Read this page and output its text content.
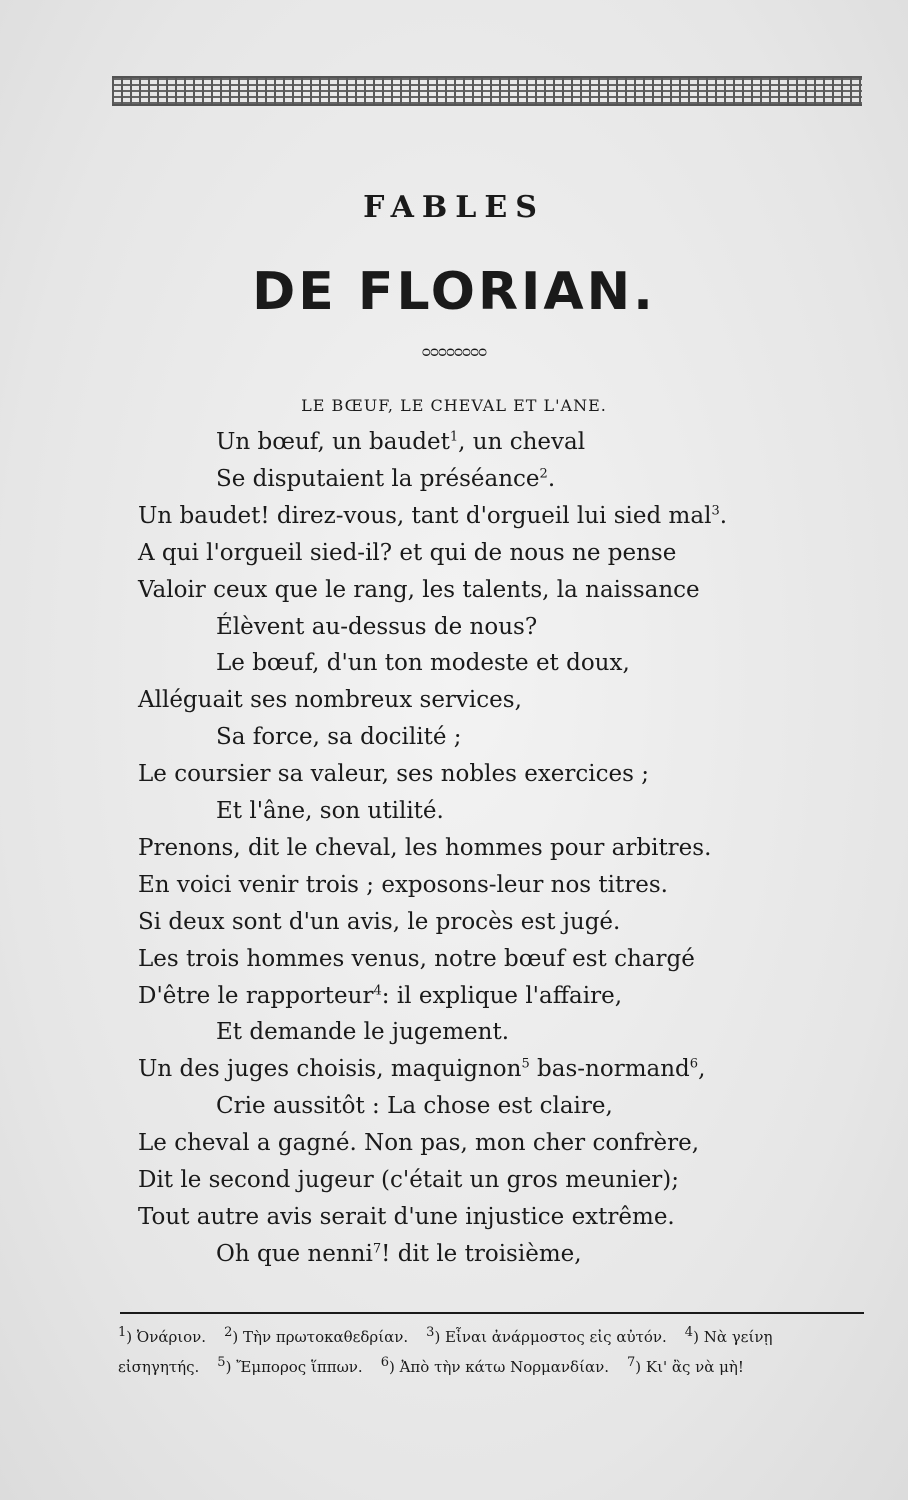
FABLES
DE FLORIAN.
ᴑᴑᴑᴑᴑᴑᴑᴑ
LE BŒUF, LE CHEVAL ET L'ANE.
Un bœuf, un baudet$^1$, un cheval
Se disputaient la préséance$^2$.
Un baudet! direz-vous, tant d'orgueil lui sied mal$^3$.
A qui l'orgueil sied-il? et qui de nous ne pense
Valoir ceux que le rang, les talents, la naissance
Élèvent au-dessus de nous?
Le bœuf, d'un ton modeste et doux,
Alléguait ses nombreux services,
Sa force, sa docilité ;
Le coursier sa valeur, ses nobles exercices ;
Et l'âne, son utilité.
Prenons, dit le cheval, les hommes pour arbitres.
En voici venir trois ; exposons-leur nos titres.
Si deux sont d'un avis, le procès est jugé.
Les trois hommes venus, notre bœuf est chargé
D'être le rapporteur$^4$: il explique l'affaire,
Et demande le jugement.
Un des juges choisis, maquignon$^5$ bas-normand$^6$,
Crie aussitôt : La chose est claire,
Le cheval a gagné. Non pas, mon cher confrère,
Dit le second jugeur (c'était un gros meunier);
Tout autre avis serait d'une injustice extrême.
Oh que nenni$^7$! dit le troisième,
$^1$) Ὀνάριον. $^2$) Τὴν πρωτοκαθεδρίαν. $^3$) Εἶναι ἀνάρμοστος εἰς αὐτόν. $^4$) Νὰ γείνῃ
εἰσηγητής. $^5$) Ἔμπορος ἵππων. $^6$) Ἀπὸ τὴν κάτω Νορμανδίαν. $^7$) Κι' ἂς νὰ μὴ!
